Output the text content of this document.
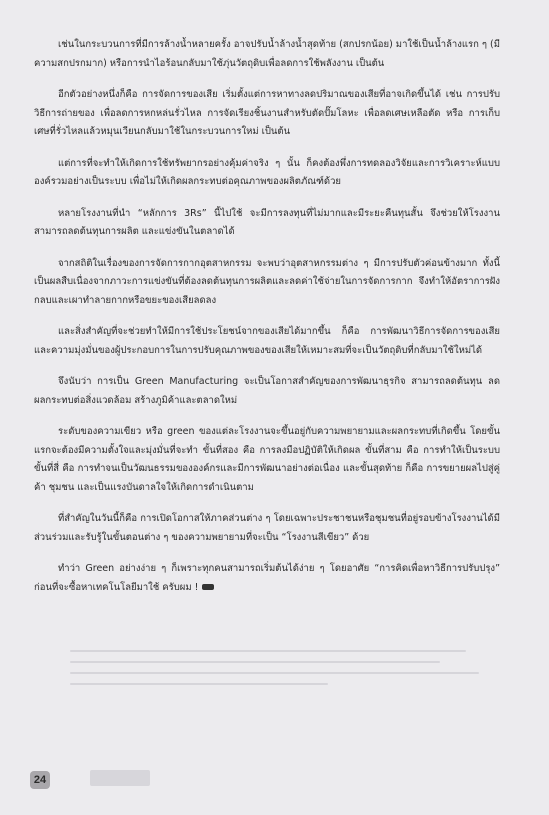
เช่นในกระบวนการที่มีการล้างน้ำหลายครั้ง อาจปรับน้ำล้างน้ำสุดท้าย (สกปรกน้อย) มาใช้เป็นน้ำล้างแรก ๆ (มีความสกปรกมาก) หรือการนำไอร้อนกลับมาใช้ภุ่นวัตถุดิบเพื่อลดการใช้พลังงาน เป็นต้น

อีกตัวอย่างหนึ่งก็คือ การจัดการของเสีย เริ่มตั้งแต่การหาทางลดปริมาณของเสียที่อาจเกิดขึ้นได้ เช่น การปรับวิธีการถ่ายของ เพื่อลดการหกหล่นรั่วไหล การจัดเรียงชิ้นงานสำหรับตัดปั๊มโลหะ เพื่อลดเศษเหลือตัด หรือ การเก็บเศษที่รั่วไหลแล้วหมุนเวียนกลับมาใช้ในกระบวนการใหม่ เป็นต้น

แต่การที่จะทำให้เกิดการใช้ทรัพยากรอย่างคุ้มค่าจริง ๆ นั้น ก็คงต้องพึ่งการทดลองวิจัยและการวิเคราะห์แบบองค์รวมอย่างเป็นระบบ เพื่อไม่ให้เกิดผลกระทบต่อคุณภาพของผลิตภัณฑ์ด้วย

หลายโรงงานที่นำ “หลักการ 3Rs” นี้ไปใช้ จะมีการลงทุนที่ไม่มากและมีระยะคืนทุนสั้น จึงช่วยให้โรงงานสามารถลดต้นทุนการผลิต และแข่งขันในตลาดได้

จากสถิติในเรื่องของการจัดการกากอุตสาหกรรม จะพบว่าอุตสาหกรรมต่าง ๆ มีการปรับตัวค่อนข้างมาก ทั้งนี้เป็นผลสืบเนื่องจากภาวะการแข่งขันที่ต้องลดต้นทุนการผลิตและลดค่าใช้จ่ายในการจัดการกาก จึงทำให้อัตราการฝังกลบและเผาทำลายกากหรือขยะของเสียลดลง

และสิ่งสำคัญที่จะช่วยทำให้มีการใช้ประโยชน์จากของเสียได้มากขึ้น ก็คือ การพัฒนาวิธีการจัดการของเสียและความมุ่งมั่นของผู้ประกอบการในการปรับคุณภาพของของเสียให้เหมาะสมที่จะเป็นวัตถุดิบที่กลับมาใช้ใหม่ได้

จึงนับว่า การเป็น Green Manufacturing จะเป็นโอกาสสำคัญของการพัฒนาธุรกิจ สามารถลดต้นทุน ลดผลกระทบต่อสิ่งแวดล้อม สร้างภูมิค้าและตลาดใหม่

ระดับของความเขียว หรือ green ของแต่ละโรงงานจะขึ้นอยู่กับความพยายามและผลกระทบที่เกิดขึ้น โดยขั้นแรกจะต้องมีความตั้งใจและมุ่งมั่นที่จะทำ ขั้นที่สอง คือ การลงมือปฏิบัติให้เกิดผล ขั้นที่สาม คือ การทำให้เป็นระบบ ขั้นที่สี่ คือ การทำจนเป็นวัฒนธรรมขององค์กรและมีการพัฒนาอย่างต่อเนื่อง และขั้นสุดท้าย ก็คือ การขยายผลไปสู่คู่ค้า ชุมชน และเป็นแรงบันดาลใจให้เกิดการดำเนินตาม

ที่สำคัญในวันนี้ก็คือ การเปิดโอกาสให้ภาคส่วนต่าง ๆ โดยเฉพาะประชาชนหรือชุมชนที่อยู่รอบข้างโรงงานได้มีส่วนร่วมและรับรู้ในขั้นตอนต่าง ๆ ของความพยายามที่จะเป็น “โรงงานสีเขียว” ด้วย

ทำว่า Green อย่างง่าย ๆ ก็เพราะทุกคนสามารถเริ่มต้นได้ง่าย ๆ โดยอาศัย “การคิดเพื่อหาวิธีการปรับปรุง” ก่อนที่จะซื้อหาเทคโนโลยีมาใช้ ครับผม !

24
